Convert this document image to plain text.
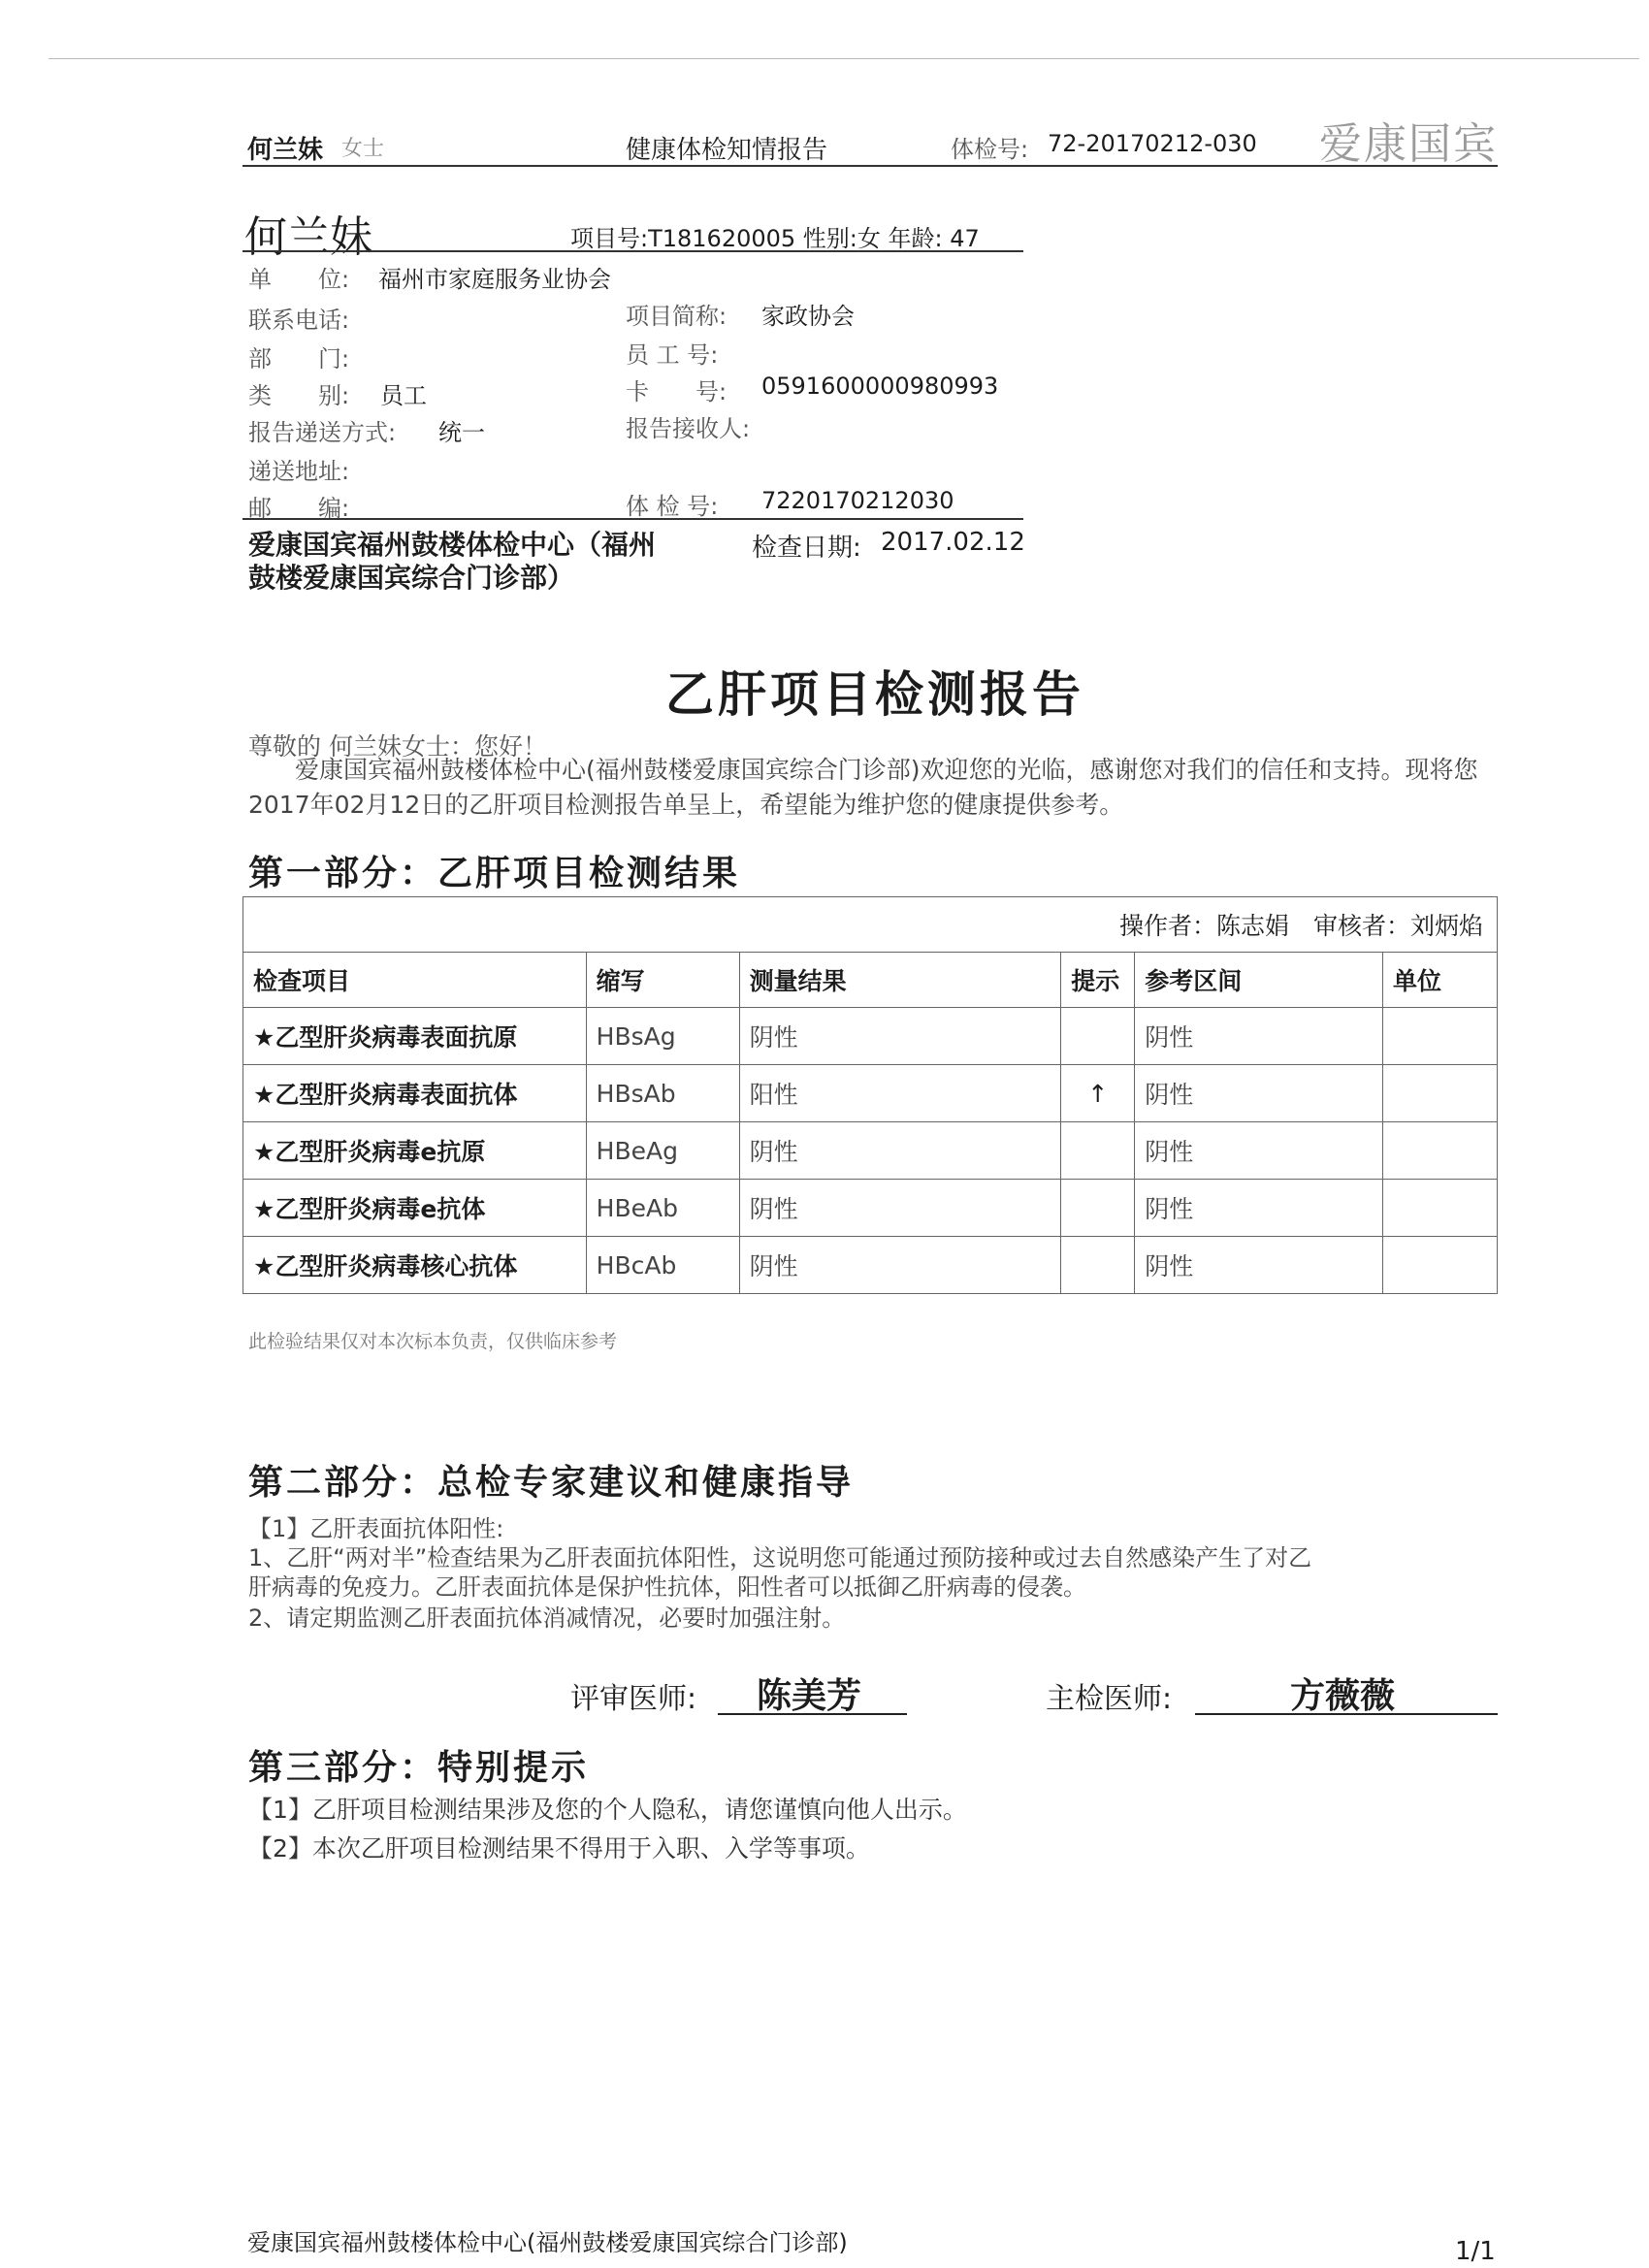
何兰妹 女士	健康体检知情报告	体检号: 72-20170212-030 爱康国宾
何兰妹	项目号:T181620005 性别:女 年龄: 47
单　　位: 福州市家庭服务业协会
联系电话:	项目简称: 家政协会
部　　门:	员 工 号:
类　　别: 员工	卡　　号: 0591600000980993
报告递送方式: 统一	报告接收人:
递送地址:
邮　　编:	体 检 号: 7220170212030
爱康国宾福州鼓楼体检中心（福州鼓楼爱康国宾综合门诊部）
检查日期: 2017.02.12
乙肝项目检测报告
尊敬的 何兰妹女士：您好！
爱康国宾福州鼓楼体检中心(福州鼓楼爱康国宾综合门诊部)欢迎您的光临，感谢您对我们的信任和支持。现将您2017年02月12日的乙肝项目检测报告单呈上，希望能为维护您的健康提供参考。
第一部分：乙肝项目检测结果
操作者：陈志娟　审核者：刘炳焰					
检查项目	缩写	测量结果	提示	参考区间	单位
★乙型肝炎病毒表面抗原	HBsAg	阴性		阴性	
★乙型肝炎病毒表面抗体	HBsAb	阳性	↑	阴性	
★乙型肝炎病毒e抗原	HBeAg	阴性		阴性	
★乙型肝炎病毒e抗体	HBeAb	阴性		阴性	
★乙型肝炎病毒核心抗体	HBcAb	阴性		阴性	
此检验结果仅对本次标本负责，仅供临床参考
第二部分：总检专家建议和健康指导
【1】乙肝表面抗体阳性:
1、乙肝“两对半”检查结果为乙肝表面抗体阳性，这说明您可能通过预防接种或过去自然感染产生了对乙
肝病毒的免疫力。乙肝表面抗体是保护性抗体，阳性者可以抵御乙肝病毒的侵袭。
2、请定期监测乙肝表面抗体消减情况，必要时加强注射。
评审医师: 陈美芳	主检医师:	方薇薇
第三部分：特别提示
【1】乙肝项目检测结果涉及您的个人隐私，请您谨慎向他人出示。
【2】本次乙肝项目检测结果不得用于入职、入学等事项。
爱康国宾福州鼓楼体检中心(福州鼓楼爱康国宾综合门诊部)	1/1
